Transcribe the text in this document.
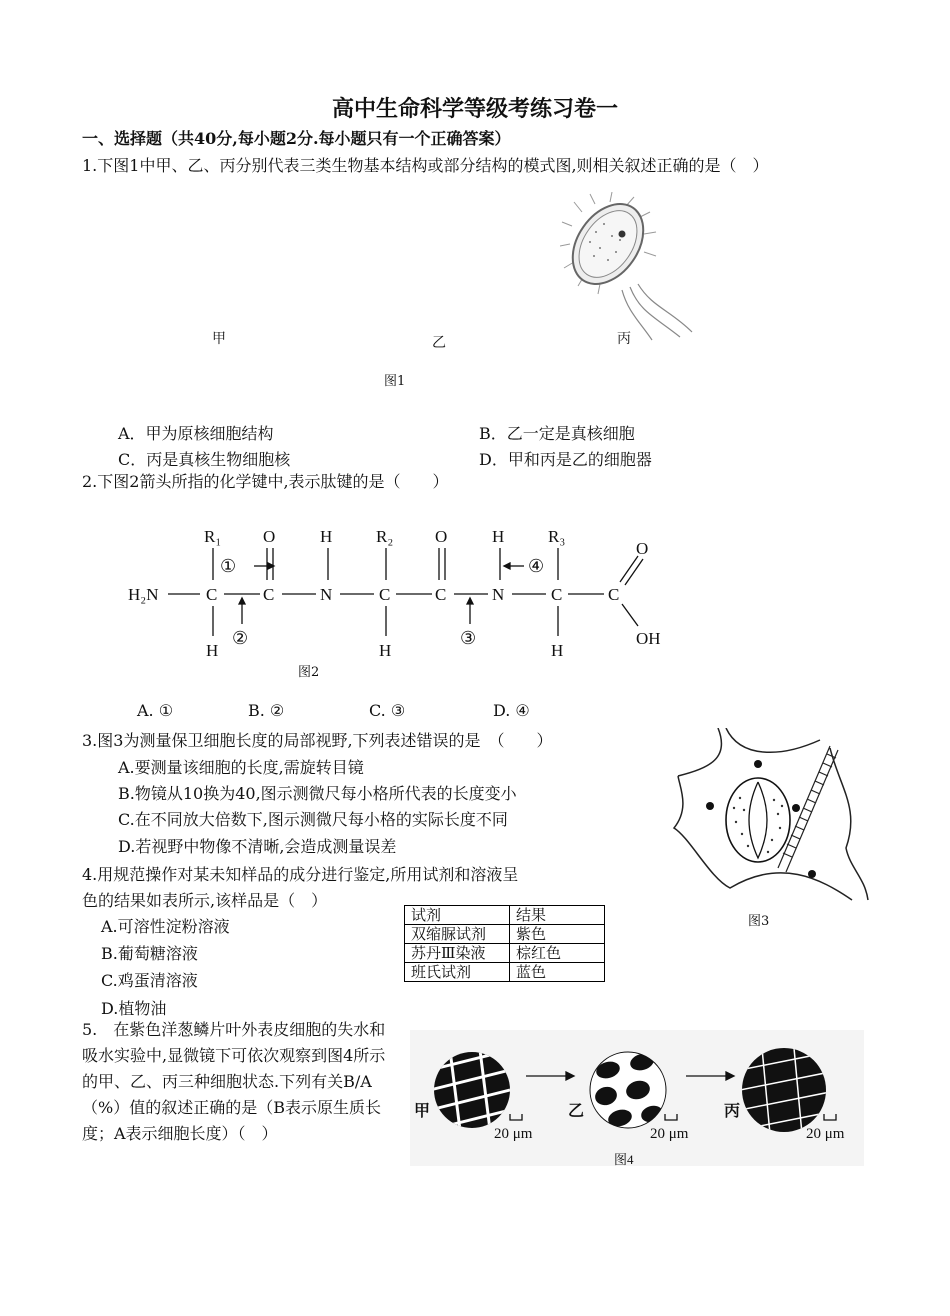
高中生命科学等级考练习卷一
一、选择题（共40分,每小题2分.每小题只有一个正确答案）
1.下图1中甲、乙、丙分别代表三类生物基本结构或部分结构的模式图,则相关叙述正确的是（　）
甲	乙	丙
图1
A．甲为原核细胞结构	B．乙一定是真核细胞
C．丙是真核生物细胞核	D．甲和丙是乙的细胞器
2.下图2箭头所指的化学键中,表示肽键的是（　　）
H₂N	C	C	N	C	C	N	C	C
R₁ O	H	R₂ O	H	R₃
O
H	H	H
OH
①
②	③
④
图2
A. ①	B. ②	C. ③	D. ④
3.图3为测量保卫细胞长度的局部视野,下列表述错误的是　（　　）
A.要测量该细胞的长度,需旋转目镜
B.物镜从10换为40,图示测微尺每小格所代表的长度变小
C.在不同放大倍数下,图示测微尺每小格的实际长度不同
D.若视野中物像不清晰,会造成测量误差
图3
4.用规范操作对某未知样品的成分进行鉴定,所用试剂和溶液呈
色的结果如表所示,该样品是（　）
A.可溶性淀粉溶液
B.葡萄糖溶液
C.鸡蛋清溶液
D.植物油
试剂	结果
双缩脲试剂	紫色
苏丹Ⅲ染液	棕红色
班氏试剂	蓝色
5.　在紫色洋葱鳞片叶外表皮细胞的失水和吸水实验中,显微镜下可依次观察到图4所示的甲、乙、丙三种细胞状态.下列有关B/A（%）值的叙述正确的是（B表示原生质长度；A表示细胞长度）（　）
甲	乙	丙
20 μm	20 μm	20 μm
图4
